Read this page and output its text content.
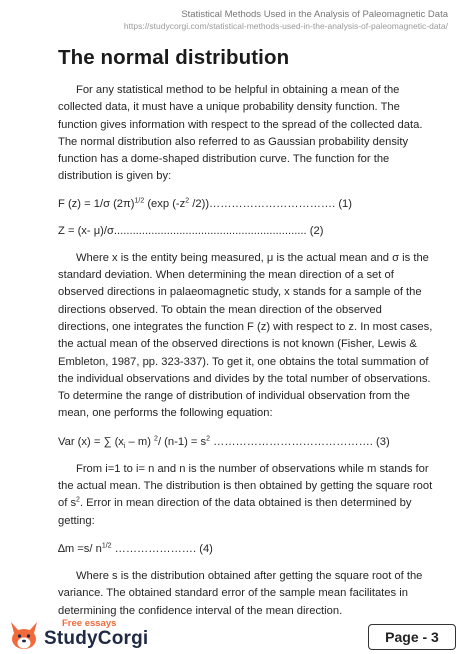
Statistical Methods Used in the Analysis of Paleomagnetic Data
https://studycorgi.com/statistical-methods-used-in-the-analysis-of-paleomagnetic-data/
The normal distribution

For any statistical method to be helpful in obtaining a mean of the collected data, it must have a unique probability density function. The function gives information with respect to the spread of the collected data. The normal distribution also referred to as Gaussian probability density function has a dome-shaped distribution curve. The function for the distribution is given by:

F (z) = 1/σ $(2\pi)^{1/2}$ (exp ($-z^2$ /2))……………………………. (1)
Z = (x- μ)/σ.............................................................. (2)

Where x is the entity being measured, μ is the actual mean and σ is the standard deviation. When determining the mean direction of a set of observed directions in palaeomagnetic study, x stands for a sample of the directions observed. To obtain the mean direction of the observed directions, one integrates the function F (z) with respect to z. In most cases, the actual mean of the observed directions is not known (Fisher, Lewis & Embleton, 1987, pp. 323-337). To get it, one obtains the total summation of the individual observations and divides by the total number of observations. To determine the range of distribution of individual observation from the mean, one performs the following equation:

Var (x) = ∑ $(x_i - m)$ $^2$/ $(n-1) = s^2$ ……………………………………. (3)

From i=1 to i= n and n is the number of observations while m stands for the actual mean. The distribution is then obtained by getting the square root of $s^2$. Error in mean direction of the data obtained is then determined by getting:

∆m =s/ $n^{1/2}$ …………………. (4)

Where s is the distribution obtained after getting the square root of the variance. The obtained standard error of the sample mean facilitates in determining the confidence interval of the mean direction.

Free essays
StudyCorgi	Page - 3
